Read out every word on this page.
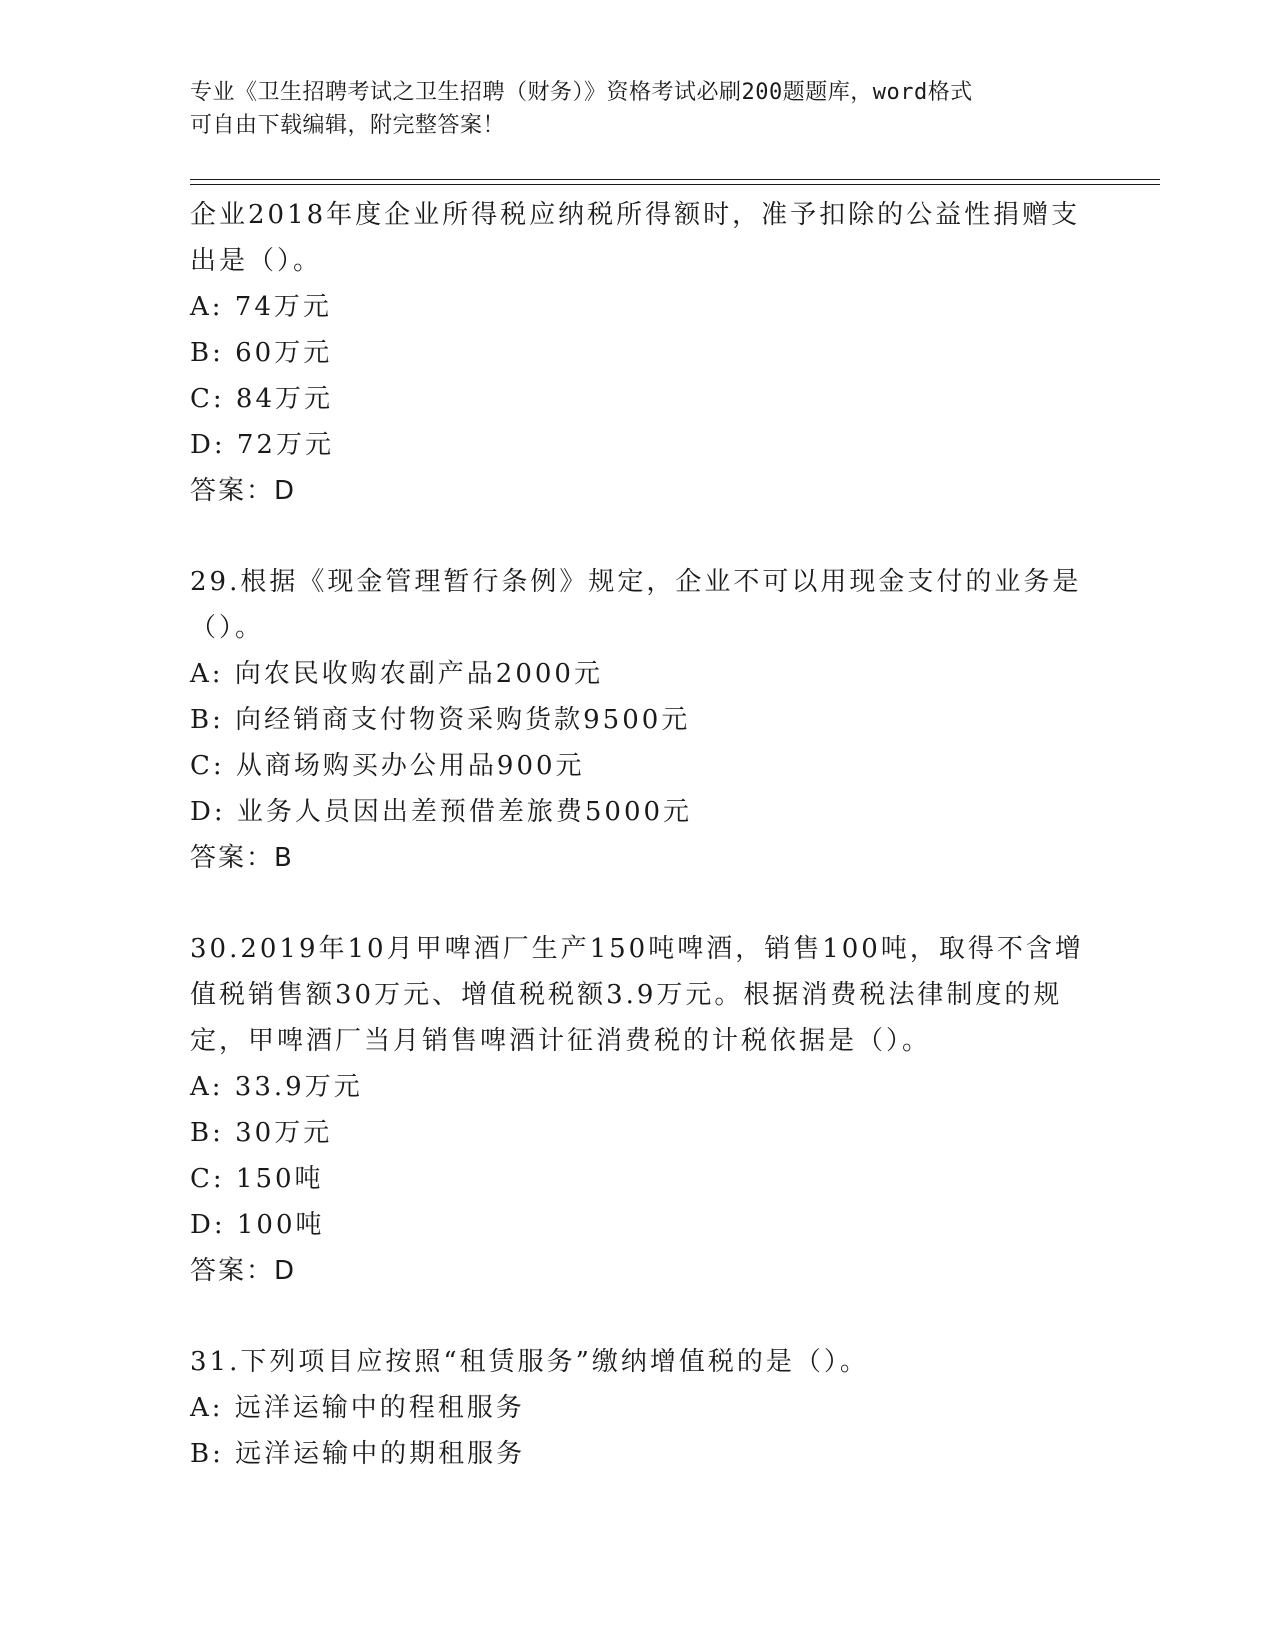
专业《卫生招聘考试之卫生招聘（财务）》资格考试必刷200题题库，word格式
可自由下载编辑，附完整答案！
企业2018年度企业所得税应纳税所得额时，准予扣除的公益性捐赠支
出是（）。
A: 74万元
B: 60万元
C: 84万元
D: 72万元
答案：D
29.根据《现金管理暂行条例》规定，企业不可以用现金支付的业务是
（）。
A: 向农民收购农副产品2000元
B: 向经销商支付物资采购货款9500元
C: 从商场购买办公用品900元
D: 业务人员因出差预借差旅费5000元
答案：B
30.2019年10月甲啤酒厂生产150吨啤酒，销售100吨，取得不含增
值税销售额30万元、增值税税额3.9万元。根据消费税法律制度的规
定，甲啤酒厂当月销售啤酒计征消费税的计税依据是（）。
A: 33.9万元
B: 30万元
C: 150吨
D: 100吨
答案：D
31.下列项目应按照“租赁服务”缴纳增值税的是（）。
A: 远洋运输中的程租服务
B: 远洋运输中的期租服务
